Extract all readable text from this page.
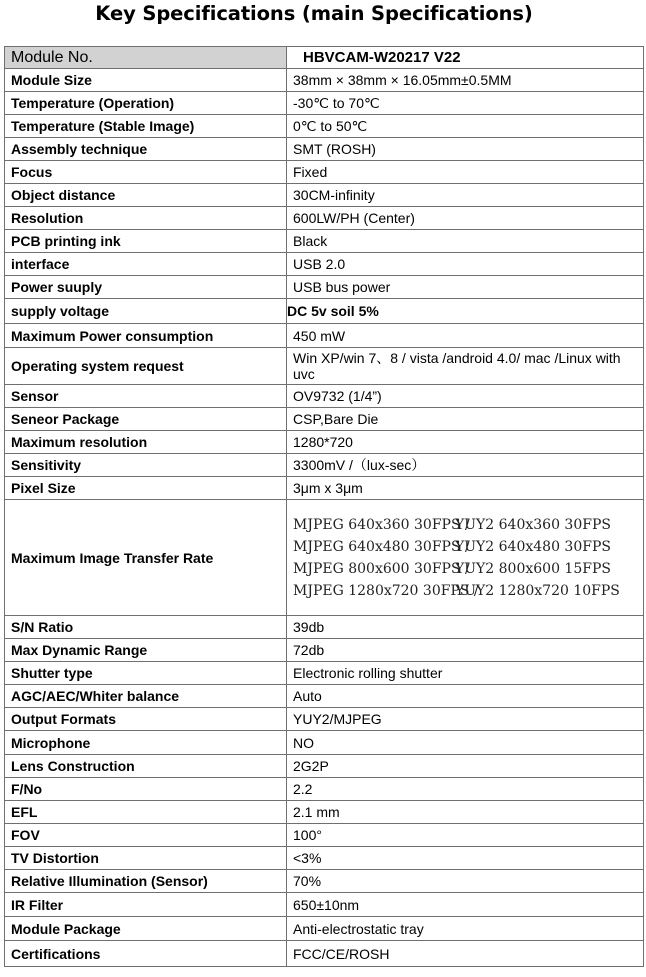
Key Specifications (main Specifications)
Module No.	HBVCAM-W20217 V22
Module Size	38mm × 38mm × 16.05mm±0.5MM
Temperature (Operation)	-30℃ to 70℃
Temperature (Stable Image)	0℃ to 50℃
Assembly technique	SMT (ROSH)
Focus	Fixed
Object distance	30CM-infinity
Resolution	600LW/PH (Center)
PCB printing ink	Black
interface	USB 2.0
Power suuply	USB bus power
supply voltage	DC 5v soil 5%
Maximum Power consumption	450 mW
Operating system request	Win XP/win 7、8 / vista /android 4.0/ mac /Linux with uvc
Sensor	OV9732 (1/4”)
Seneor Package	CSP,Bare Die
Maximum resolution	1280*720
Sensitivity	3300mV /（lux-sec）
Pixel Size	3μm x 3μm
Maximum Image Transfer Rate	MJPEG 640x360 30FPS /YUY2 640x360 30FPS
MJPEG 640x480 30FPS /YUY2 640x480 30FPS
MJPEG 800x600 30FPS /YUY2 800x600 15FPS
MJPEG 1280x720 30FPS /YUY2 1280x720 10FPS

S/N Ratio	39db
Max Dynamic Range	72db
Shutter type	Electronic rolling shutter
AGC/AEC/Whiter balance	Auto
Output Formats	YUY2/MJPEG
Microphone	NO
Lens Construction	2G2P
F/No	2.2
EFL	2.1 mm
FOV	100°
TV Distortion	<3%
Relative Illumination (Sensor)	70%
IR Filter	650±10nm
Module Package	Anti-electrostatic tray
Certifications	FCC/CE/ROSH
